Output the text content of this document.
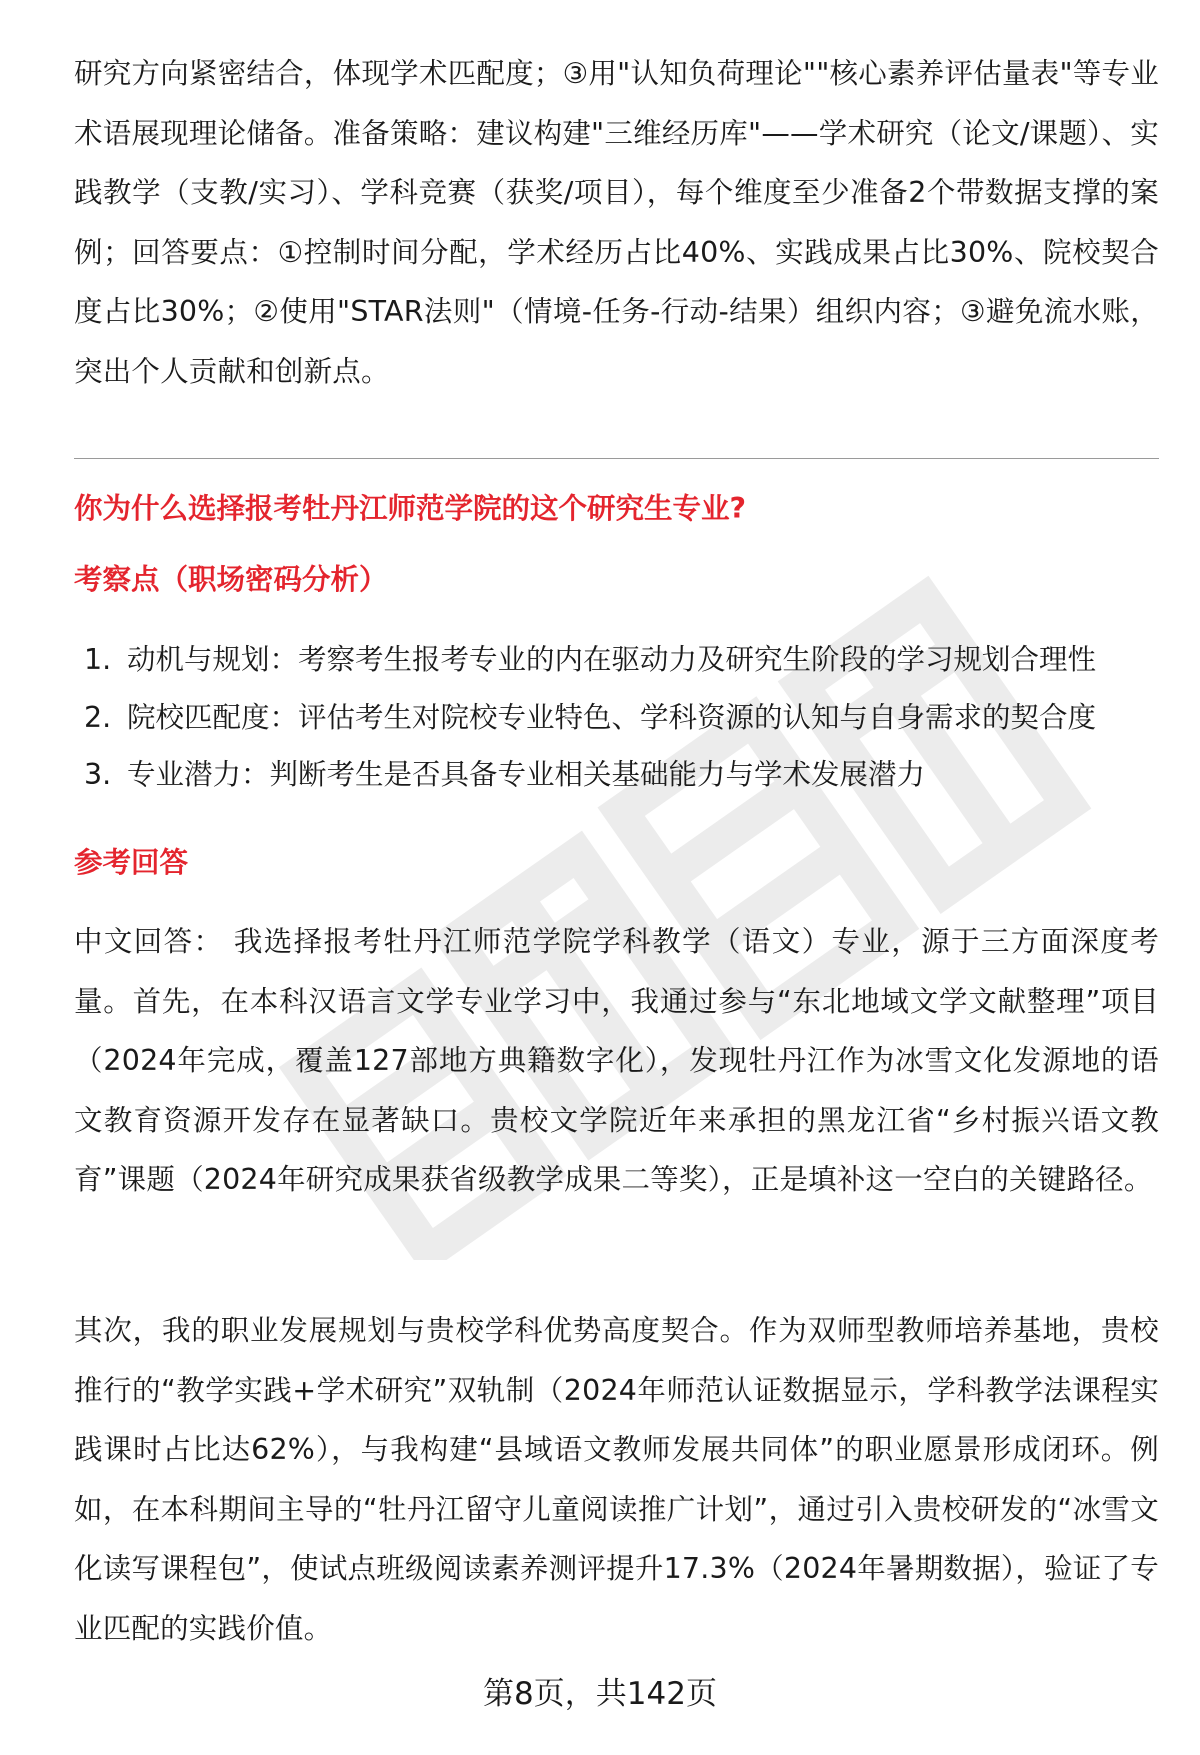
研究方向紧密结合，体现学术匹配度；③用"认知负荷理论""核心素养评估量表"等专业术语展现理论储备。准备策略：建议构建"三维经历库"——学术研究（论文/课题）、实践教学（支教/实习）、学科竞赛（获奖/项目），每个维度至少准备2个带数据支撑的案例；回答要点：①控制时间分配，学术经历占比40%、实践成果占比30%、院校契合度占比30%；②使用"STAR法则"（情境-任务-行动-结果）组织内容；③避免流水账，突出个人贡献和创新点。

你为什么选择报考牡丹江师范学院的这个研究生专业?

考察点（职场密码分析）

1. 动机与规划：考察考生报考专业的内在驱动力及研究生阶段的学习规划合理性
2. 院校匹配度：评估考生对院校专业特色、学科资源的认知与自身需求的契合度
3. 专业潜力：判断考生是否具备专业相关基础能力与学术发展潜力

参考回答

中文回答： 我选择报考牡丹江师范学院学科教学（语文）专业，源于三方面深度考量。首先，在本科汉语言文学专业学习中，我通过参与“东北地域文学文献整理”项目（2024年完成，覆盖127部地方典籍数字化），发现牡丹江作为冰雪文化发源地的语文教育资源开发存在显著缺口。贵校文学院近年来承担的黑龙江省“乡村振兴语文教育”课题（2024年研究成果获省级教学成果二等奖），正是填补这一空白的关键路径。

其次，我的职业发展规划与贵校学科优势高度契合。作为双师型教师培养基地，贵校推行的“教学实践+学术研究”双轨制（2024年师范认证数据显示，学科教学法课程实践课时占比达62%），与我构建“县域语文教师发展共同体”的职业愿景形成闭环。例如，在本科期间主导的“牡丹江留守儿童阅读推广计划”，通过引入贵校研发的“冰雪文化读写课程包”，使试点班级阅读素养测评提升17.3%（2024年暑期数据），验证了专业匹配的实践价值。

第8页，共142页
